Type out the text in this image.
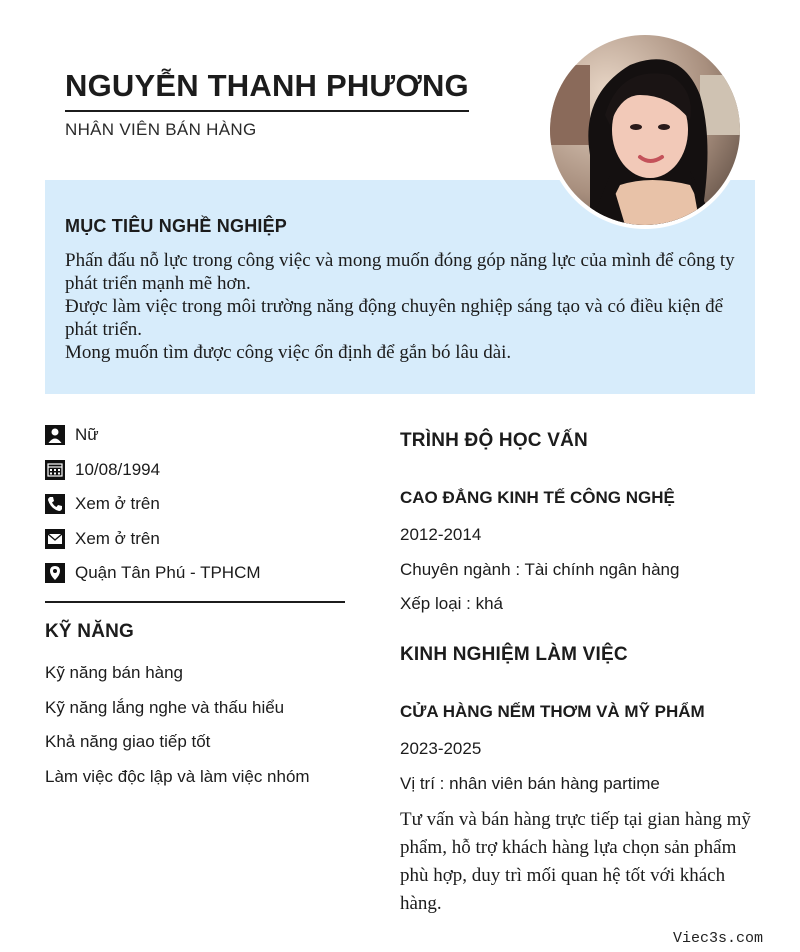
NGUYỄN THANH PHƯƠNG
NHÂN VIÊN BÁN HÀNG
MỤC TIÊU NGHỀ NGHIỆP
Phấn đấu nỗ lực trong công việc và mong muốn đóng góp năng lực của mình để công ty phát triển mạnh mẽ hơn.
Được làm việc trong môi trường năng động chuyên nghiệp sáng tạo và có điều kiện để phát triển.
Mong muốn tìm được công việc ổn định để gắn bó lâu dài.
Nữ
10/08/1994
Xem ở trên
Xem ở trên
Quận Tân Phú - TPHCM
KỸ NĂNG
Kỹ năng bán hàng
Kỹ năng lắng nghe và thấu hiểu
Khả năng giao tiếp tốt
Làm việc độc lập và làm việc nhóm
TRÌNH ĐỘ HỌC VẤN
CAO ĐẲNG KINH TẾ CÔNG NGHỆ
2012-2014
Chuyên ngành : Tài chính ngân hàng
Xếp loại : khá
KINH NGHIỆM LÀM VIỆC
CỬA HÀNG NẾM THƠM VÀ MỸ PHẨM
2023-2025
Vị trí : nhân viên bán hàng partime
Tư vấn và bán hàng trực tiếp tại gian hàng mỹ phẩm, hỗ trợ khách hàng lựa chọn sản phẩm phù hợp, duy trì mối quan hệ tốt với khách hàng.
Viec3s.com
